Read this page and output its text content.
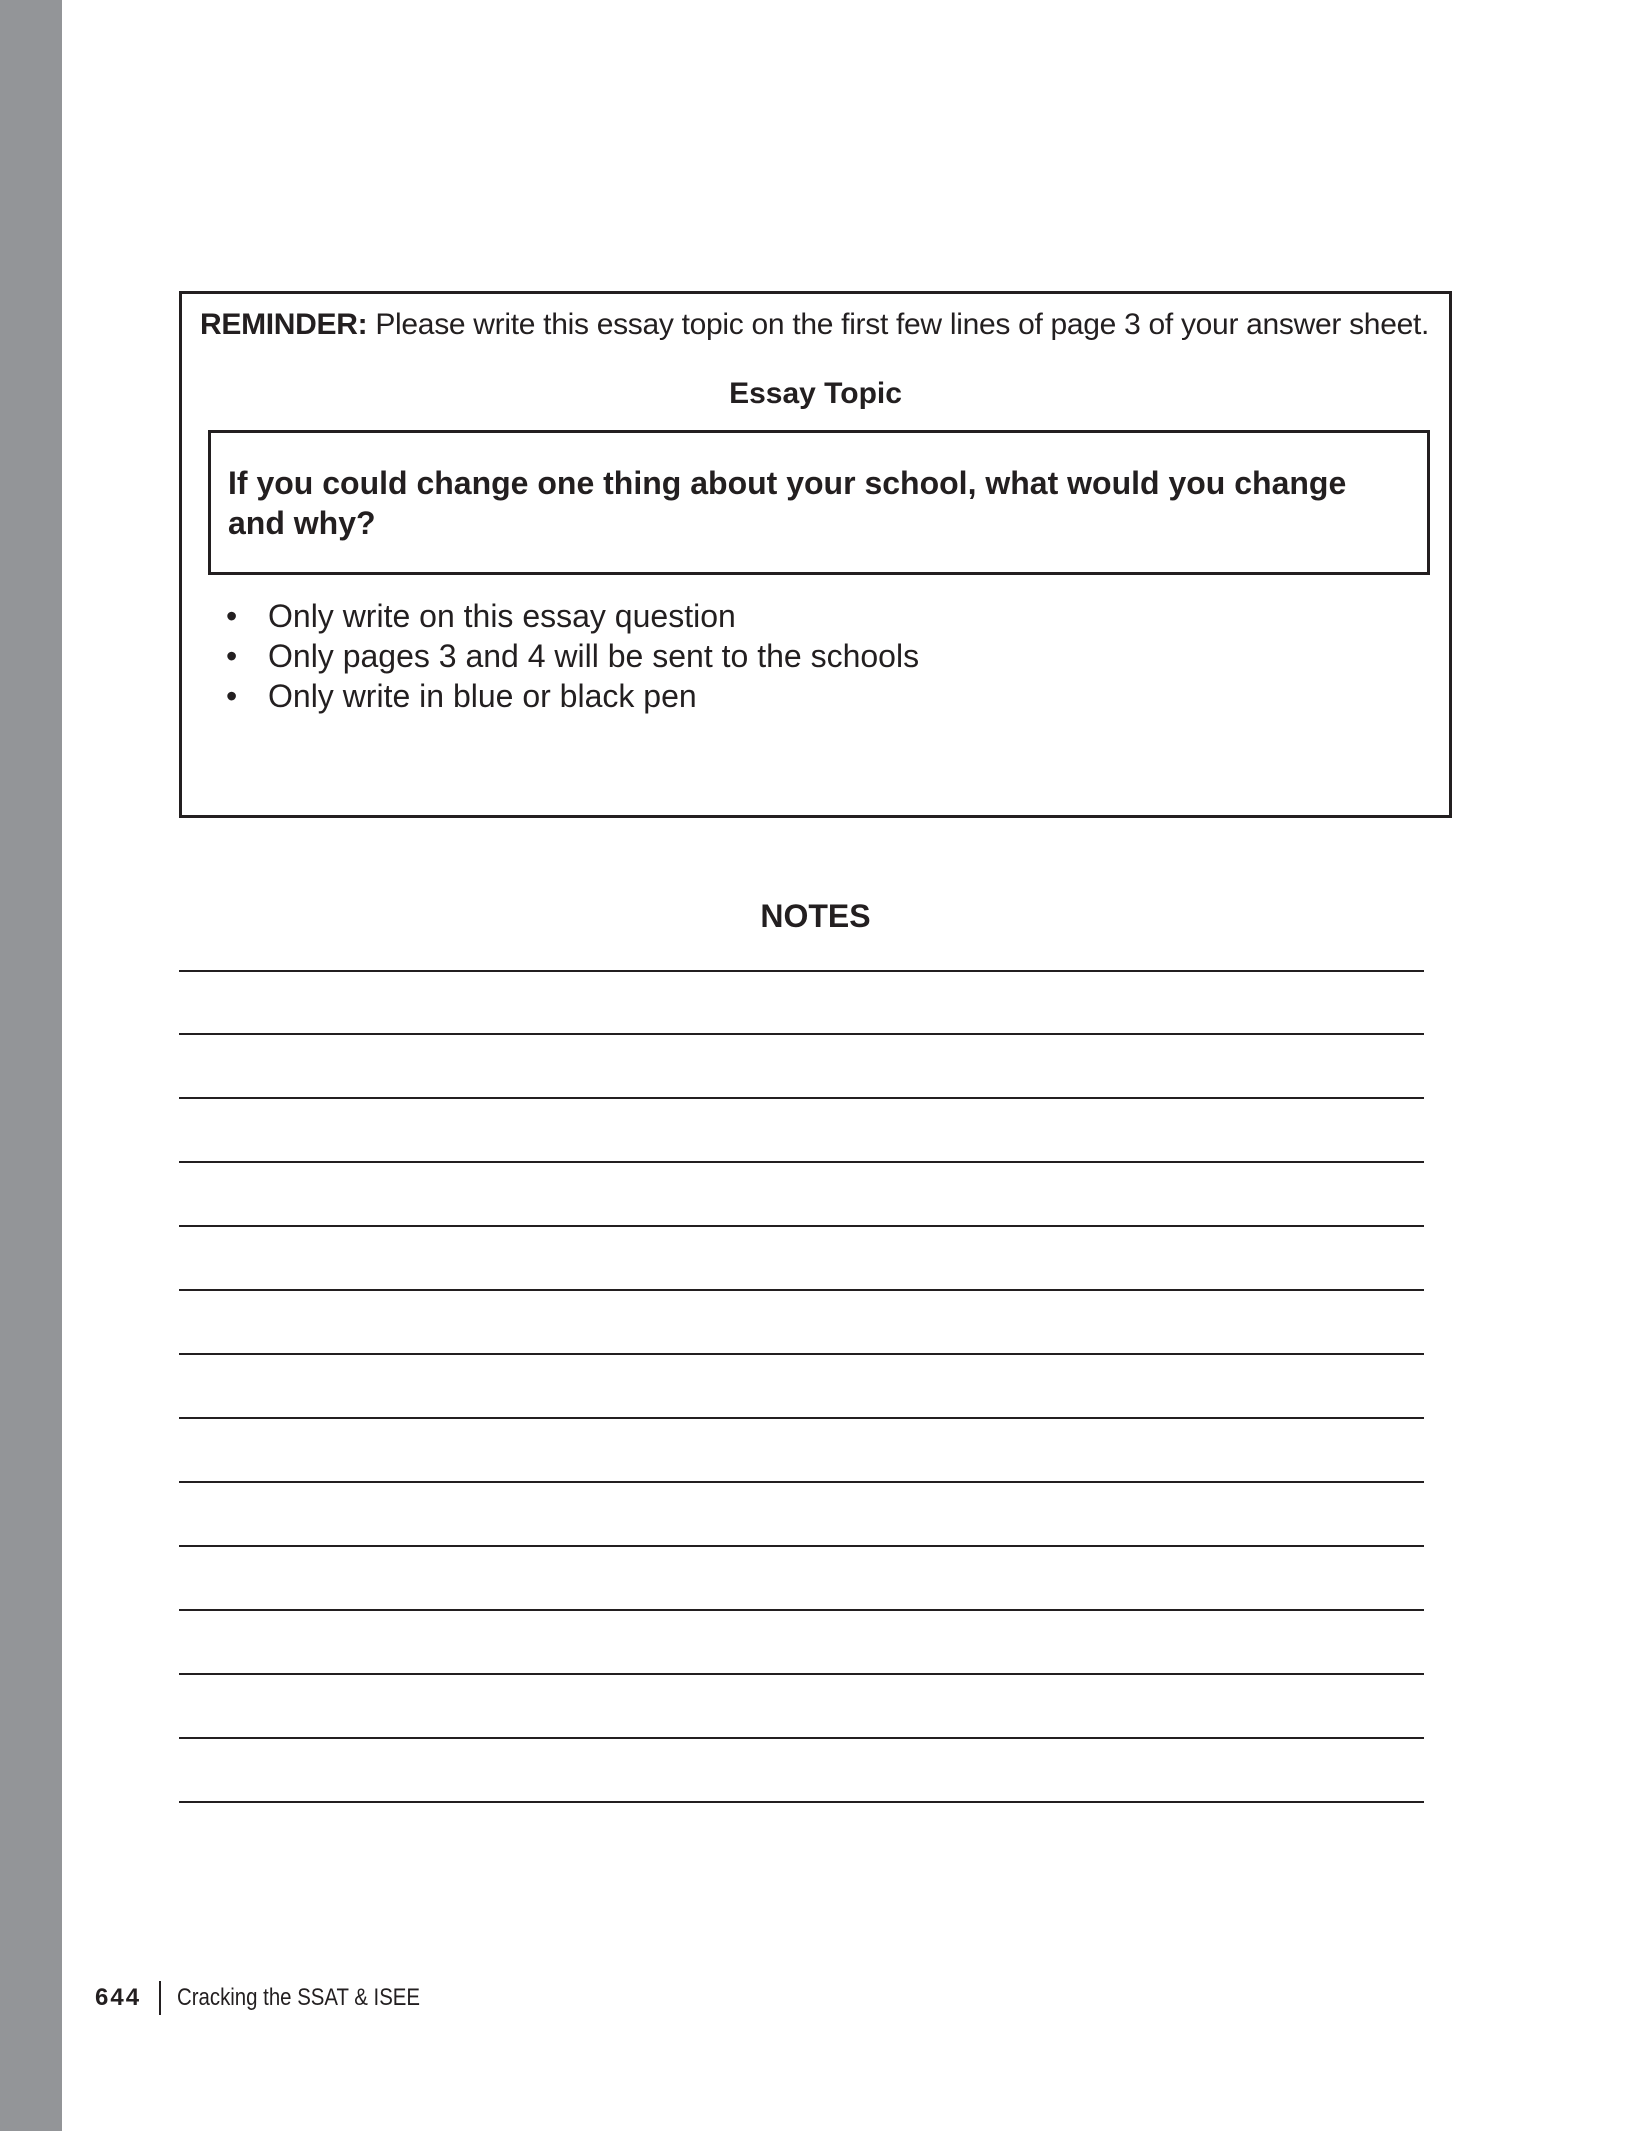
REMINDER: Please write this essay topic on the first few lines of page 3 of your answer sheet.
Essay Topic
If you could change one thing about your school, what would you change and why?
• Only write on this essay question
• Only pages 3 and 4 will be sent to the schools
• Only write in blue or black pen
NOTES
644 Cracking the SSAT & ISEE
